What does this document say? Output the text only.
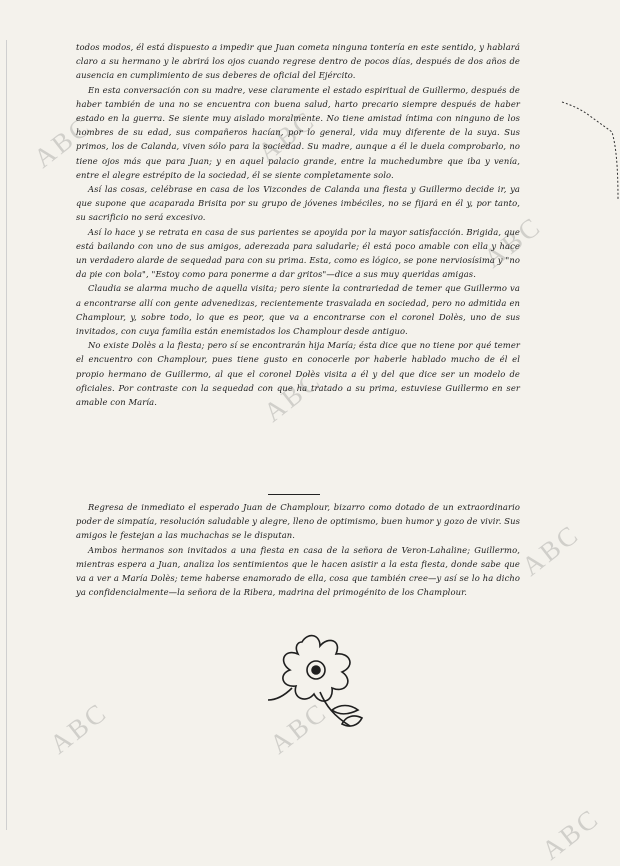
todos modos, él está dispuesto a impedir que Juan cometa ninguna tontería en este sentido, y hablará claro a su hermano y le abrirá los ojos cuando regrese dentro de pocos días, después de dos años de ausencia en cumplimiento de sus deberes de oficial del Ejército.

En esta conversación con su madre, vese claramente el estado espiritual de Guillermo, después de haber también de una no se encuentra con buena salud, harto precario siempre después de haber estado en la guerra. Se siente muy aislado moralmente. No tiene amistad íntima con ninguno de los hombres de su edad, sus compañeros hacían, por lo general, vida muy diferente de la suya. Sus primos, los de Calanda, viven sólo para la sociedad. Su madre, aunque a él le duela comprobarlo, no tiene ojos más que para Juan; y en aquel palacio grande, entre la muchedumbre que iba y venía, entre el alegre estrépito de la sociedad, él se siente completamente solo.

Así las cosas, celébrase en casa de los Vizcondes de Calanda una fiesta y Guillermo decide ir, ya que supone que acaparada Brisita por su grupo de jóvenes imbéciles, no se fijará en él y, por tanto, su sacrificio no será excesivo.

Así lo hace y se retrata en casa de sus parientes se apoyida por la mayor satisfacción. Brigida, que está bailando con uno de sus amigos, aderezada para saludarle; él está poco amable con ella y hace un verdadero alarde de sequedad para con su prima. Esta, como es lógico, se pone nerviosísima y "no da pie con bola", "Estoy como para ponerme a dar gritos"—dice a sus muy queridas amigas.

Claudia se alarma mucho de aquella visita; pero siente la contrariedad de temer que Guillermo va a encontrarse allí con gente advenedizas, recientemente trasvalada en sociedad, pero no admitida en Champlour, y, sobre todo, lo que es peor, que va a encontrarse con el coronel Dolès, uno de sus invitados, con cuya familia están enemistados los Champlour desde antiguo.

No existe Dolès a la fiesta; pero sí se encontrarán hija María; ésta dice que no tiene por qué temer el encuentro con Champlour, pues tiene gusto en conocerle por haberle hablado mucho de él el propio hermano de Guillermo, al que el coronel Dolès visita a él y del que dice ser un modelo de oficiales. Por contraste con la sequedad con que ha tratado a su prima, estuviese Guillermo en ser amable con María.

Regresa de inmediato el esperado Juan de Champlour, bizarro como dotado de un extraordinario poder de simpatía, resolución saludable y alegre, lleno de optimismo, buen humor y gozo de vivir. Sus amigos le festejan a las muchachas se le disputan.

Ambos hermanos son invitados a una fiesta en casa de la señora de Veron-Lahaline; Guillermo, mientras espera a Juan, analiza los sentimientos que le hacen asistir a la esta fiesta, donde sabe que va a ver a María Dolès; teme haberse enamorado de ella, cosa que también cree—y así se lo ha dicho ya confidencialmente—la señora de la Ribera, madrina del primogénito de los Champlour.

ABC	ABC
ABC
ABC
ABC
ABC	ABC
ABC
